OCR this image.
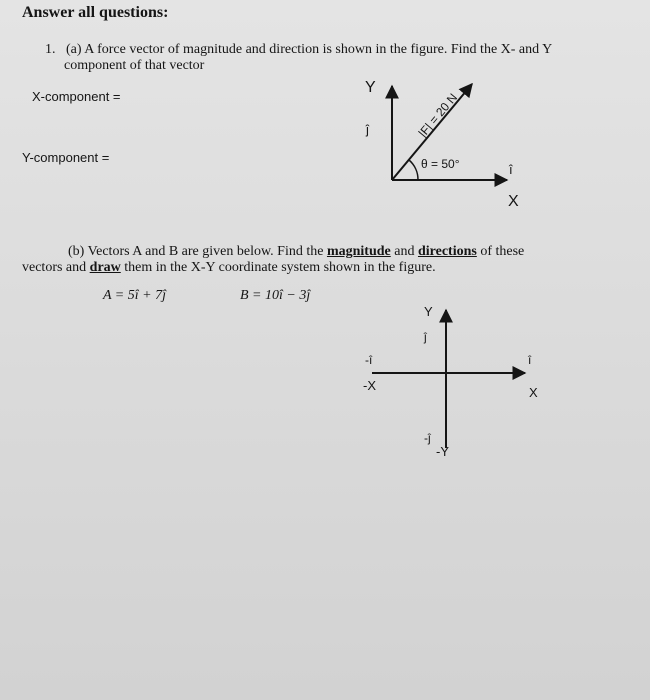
Answer all questions:
1. (a) A force vector of magnitude and direction is shown in the figure. Find the X- and Y
component of that vector
X-component =
Y-component =
(b) Vectors A and B are given below. Find the magnitude and directions of these
vectors and draw them in the X-Y coordinate system shown in the figure.
A = 5î + 7ĵ	B = 10î − 3ĵ
Y
ĵ
X
î
|F| = 20 N
θ = 50°
Y
ĵ
-X
-î
X
î
-ĵ
-Y
